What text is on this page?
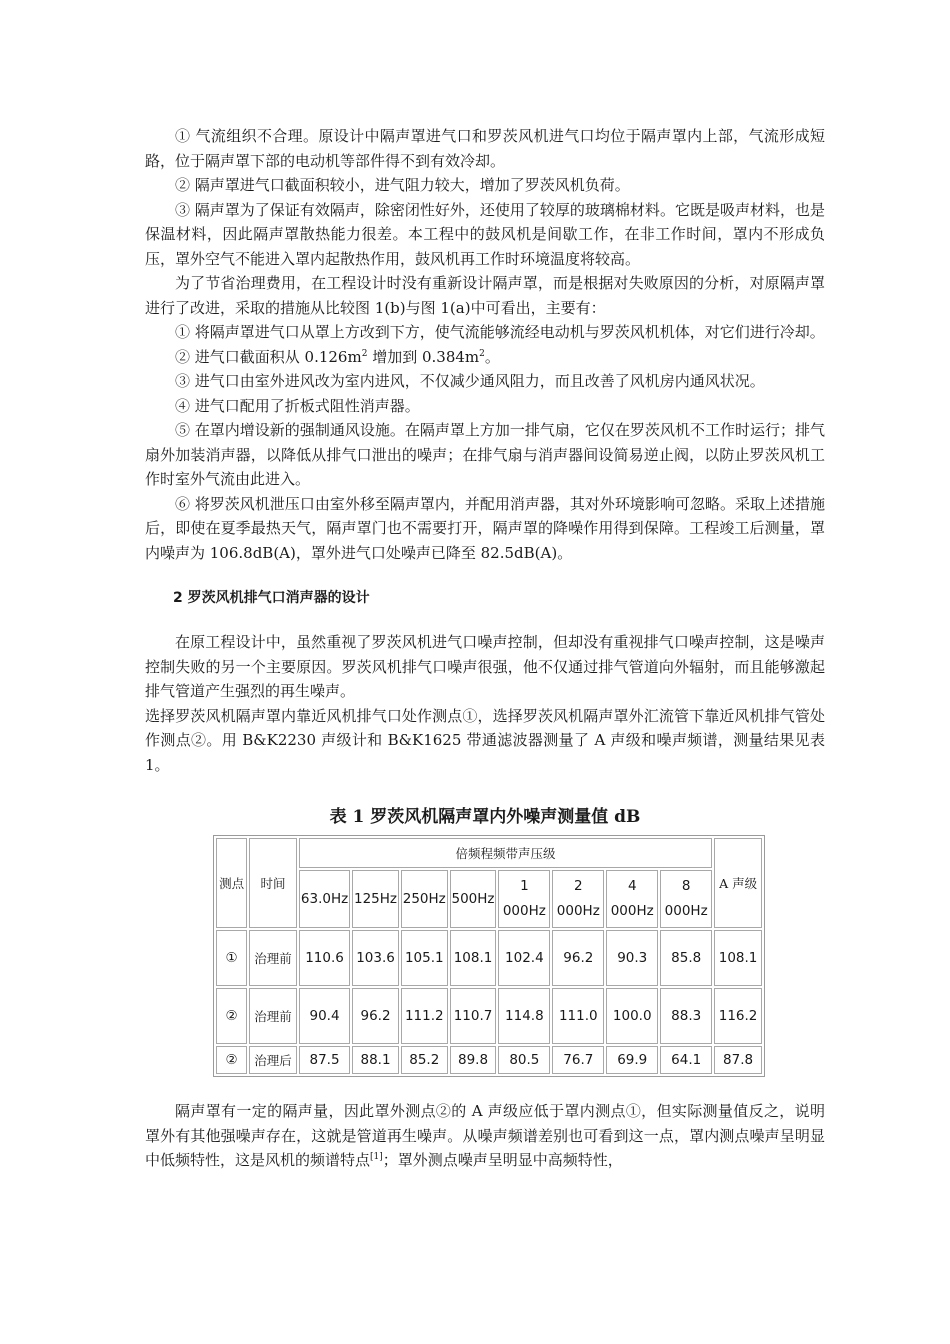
① 气流组织不合理。原设计中隔声罩进气口和罗茨风机进气口均位于隔声罩内上部，气流形成短路，位于隔声罩下部的电动机等部件得不到有效冷却。

② 隔声罩进气口截面积较小，进气阻力较大，增加了罗茨风机负荷。

③ 隔声罩为了保证有效隔声，除密闭性好外，还使用了较厚的玻璃棉材料。它既是吸声材料，也是保温材料，因此隔声罩散热能力很差。本工程中的鼓风机是间歇工作，在非工作时间，罩内不形成负压，罩外空气不能进入罩内起散热作用，鼓风机再工作时环境温度将较高。

为了节省治理费用，在工程设计时没有重新设计隔声罩，而是根据对失败原因的分析，对原隔声罩进行了改进，采取的措施从比较图 1(b)与图 1(a)中可看出，主要有：

① 将隔声罩进气口从罩上方改到下方，使气流能够流经电动机与罗茨风机机体，对它们进行冷却。

② 进气口截面积从 $0.126m^2$ 增加到 $0.384m^2$。

③ 进气口由室外进风改为室内进风，不仅减少通风阻力，而且改善了风机房内通风状况。

④ 进气口配用了折板式阻性消声器。

⑤ 在罩内增设新的强制通风设施。在隔声罩上方加一排气扇，它仅在罗茨风机不工作时运行；排气扇外加装消声器，以降低从排气口泄出的噪声；在排气扇与消声器间设简易逆止阀，以防止罗茨风机工作时室外气流由此进入。

⑥ 将罗茨风机泄压口由室外移至隔声罩内，并配用消声器，其对外环境影响可忽略。采取上述措施后，即使在夏季最热天气，隔声罩门也不需要打开，隔声罩的降噪作用得到保障。工程竣工后测量，罩内噪声为 106.8dB(A)，罩外进气口处噪声已降至 82.5dB(A)。

2 罗茨风机排气口消声器的设计

在原工程设计中，虽然重视了罗茨风机进气口噪声控制，但却没有重视排气口噪声控制，这是噪声控制失败的另一个主要原因。罗茨风机排气口噪声很强，他不仅通过排气管道向外辐射，而且能够激起排气管道产生强烈的再生噪声。

选择罗茨风机隔声罩内靠近风机排气口处作测点①，选择罗茨风机隔声罩外汇流管下靠近风机排气管处作测点②。用 B&K2230 声级计和 B&K1625 带通滤波器测量了 A 声级和噪声频谱，测量结果见表 1。

表 1 罗茨风机隔声罩内外噪声测量值 dB
测点	时间	倍频程频带声压级								A 声级
		63.0Hz	125Hz	250Hz	500Hz	1 000Hz	2 000Hz	4 000Hz	8 000Hz	
①	治理前	110.6	103.6	105.1	108.1	102.4	96.2	90.3	85.8	108.1
②	治理前	90.4	96.2	111.2	110.7	114.8	111.0	100.0	88.3	116.2
②	治理后	87.5	88.1	85.2	89.8	80.5	76.7	69.9	64.1	87.8

隔声罩有一定的隔声量，因此罩外测点②的 A 声级应低于罩内测点①，但实际测量值反之，说明罩外有其他强噪声存在，这就是管道再生噪声。从噪声频谱差别也可看到这一点，罩内测点噪声呈明显中低频特性，这是风机的频谱特点[1]；罩外测点噪声呈明显中高频特性，
